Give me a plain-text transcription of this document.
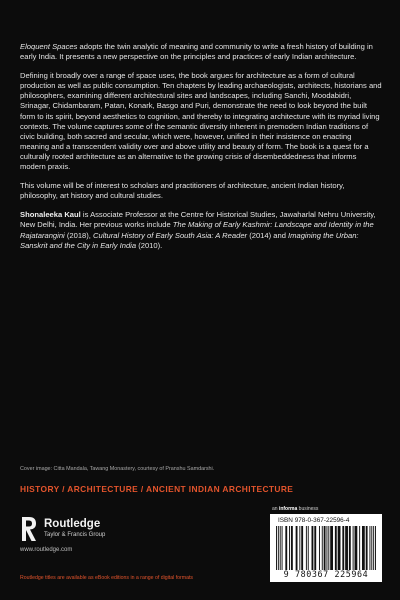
Eloquent Spaces adopts the twin analytic of meaning and community to write a fresh history of building in early India. It presents a new perspective on the principles and practices of early Indian architecture.

Defining it broadly over a range of space uses, the book argues for architecture as a form of cultural production as well as public consumption. Ten chapters by leading archaeologists, architects, historians and philosophers, examining different architectural sites and landscapes, including Sanchi, Moodabidri, Srinagar, Chidambaram, Patan, Konark, Basgo and Puri, demonstrate the need to look beyond the built form to its spirit, beyond aesthetics to cognition, and thereby to integrating architecture with its myriad living contexts. The volume captures some of the semantic diversity inherent in premodern Indian traditions of civic building, both sacred and secular, which were, however, unified in their insistence on enacting meaning and a transcendent validity over and above utility and beauty of form. The book is a quest for a culturally rooted architecture as an alternative to the growing crisis of disembeddedness that informs modern praxis.

This volume will be of interest to scholars and practitioners of architecture, ancient Indian history, philosophy, art history and cultural studies.

Shonaleeka Kaul is Associate Professor at the Centre for Historical Studies, Jawaharlal Nehru University, New Delhi, India. Her previous works include The Making of Early Kashmir: Landscape and Identity in the Rajatarangini (2018), Cultural History of Early South Asia: A Reader (2014) and Imagining the Urban: Sanskrit and the City in Early India (2010).

Cover image: Citta Mandala, Tawang Monastery, courtesy of Pranshu Samdarshi.
HISTORY / ARCHITECTURE / ANCIENT INDIAN ARCHITECTURE
an informa business
Routledge
Taylor & Francis Group
www.routledge.com
ISBN 978-0-367-22596-4
9 780367 225964
Routledge titles are available as eBook editions in a range of digital formats
